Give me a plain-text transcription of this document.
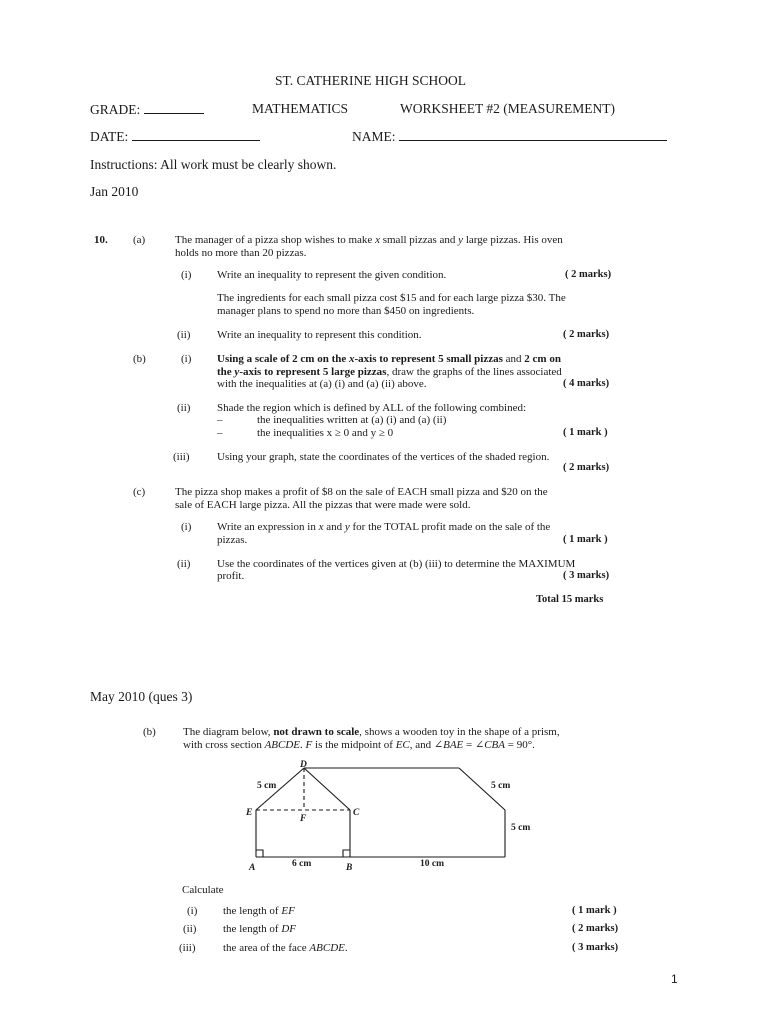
ST. CATHERINE HIGH SCHOOL
GRADE:	MATHEMATICS	WORKSHEET #2 (MEASUREMENT)
DATE:	NAME:
Instructions: All work must be clearly shown.
Jan 2010
10. (a)	The manager of a pizza shop wishes to make x small pizzas and y large pizzas. His oven
holds no more than 20 pizzas.
(i) Write an inequality to represent the given condition.	( 2 marks)
The ingredients for each small pizza cost $15 and for each large pizza $30. The
manager plans to spend no more than $450 on ingredients.
(ii) Write an inequality to represent this condition.	( 2 marks)
(b)	(i) Using a scale of 2 cm on the x-axis to represent 5 small pizzas and 2 cm on
the y-axis to represent 5 large pizzas, draw the graphs of the lines associated
with the inequalities at (a) (i) and (a) (ii) above.	( 4 marks)
(ii) Shade the region which is defined by ALL of the following combined:
–	the inequalities written at (a) (i) and (a) (ii)
–	the inequalities x ≥ 0 and y ≥ 0	( 1 mark )
(iii)	Using your graph, state the coordinates of the vertices of the shaded region.
( 2 marks)
(c)	The pizza shop makes a profit of $8 on the sale of EACH small pizza and $20 on the
sale of EACH large pizza. All the pizzas that were made were sold.
(i) Write an expression in x and y for the TOTAL profit made on the sale of the
pizzas.	( 1 mark )
(ii) Use the coordinates of the vertices given at (b) (iii) to determine the MAXIMUM
profit.	( 3 marks)
Total 15 marks
May 2010 (ques 3)
(b) The diagram below, not drawn to scale, shows a wooden toy in the shape of a prism,
with cross section ABCDE. F is the midpoint of EC, and ∠BAE = ∠CBA = 90°.
D
E
F
C
A	B
5 cm	5 cm
5 cm
6 cm	10 cm
Calculate
(i) the length of EF	( 1 mark )
(ii) the length of DF	( 2 marks)
(iii)	the area of the face ABCDE.	( 3 marks)
1
